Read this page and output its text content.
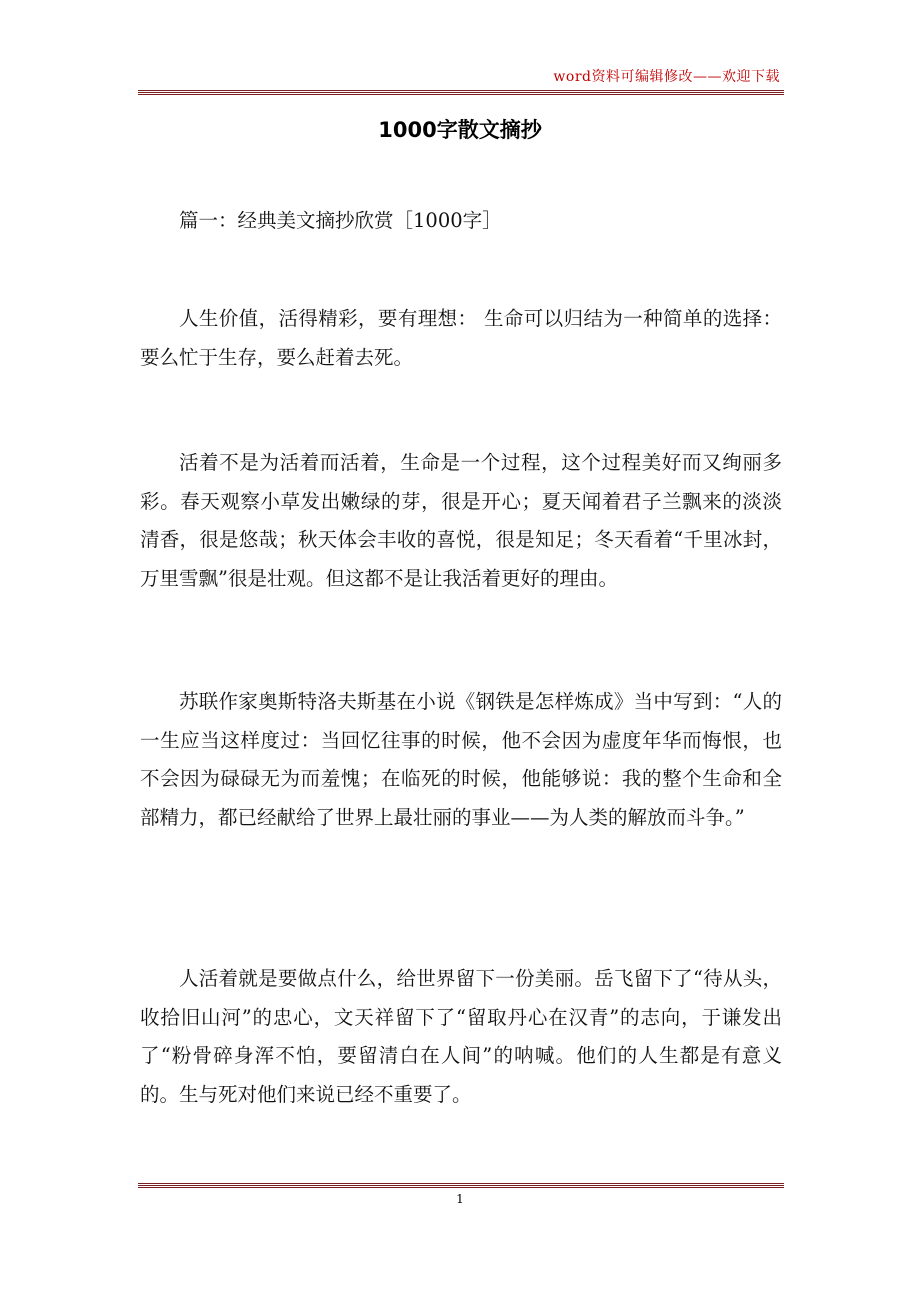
word资料可编辑修改——欢迎下载
1000字散文摘抄

篇一：经典美文摘抄欣赏［1000字］

人生价值，活得精彩，要有理想： 生命可以归结为一种简单的选择：要么忙于生存，要么赶着去死。

活着不是为活着而活着，生命是一个过程，这个过程美好而又绚丽多彩。春天观察小草发出嫩绿的芽，很是开心；夏天闻着君子兰飘来的淡淡清香，很是悠哉；秋天体会丰收的喜悦，很是知足；冬天看着“千里冰封，万里雪飘”很是壮观。但这都不是让我活着更好的理由。

苏联作家奥斯特洛夫斯基在小说《钢铁是怎样炼成》当中写到：“人的一生应当这样度过：当回忆往事的时候，他不会因为虚度年华而悔恨，也不会因为碌碌无为而羞愧；在临死的时候，他能够说：我的整个生命和全部精力，都已经献给了世界上最壮丽的事业——为人类的解放而斗争。”

人活着就是要做点什么，给世界留下一份美丽。岳飞留下了“待从头，收拾旧山河”的忠心，文天祥留下了“留取丹心在汉青”的志向，于谦发出了“粉骨碎身浑不怕，要留清白在人间”的呐喊。他们的人生都是有意义的。生与死对他们来说已经不重要了。

1
